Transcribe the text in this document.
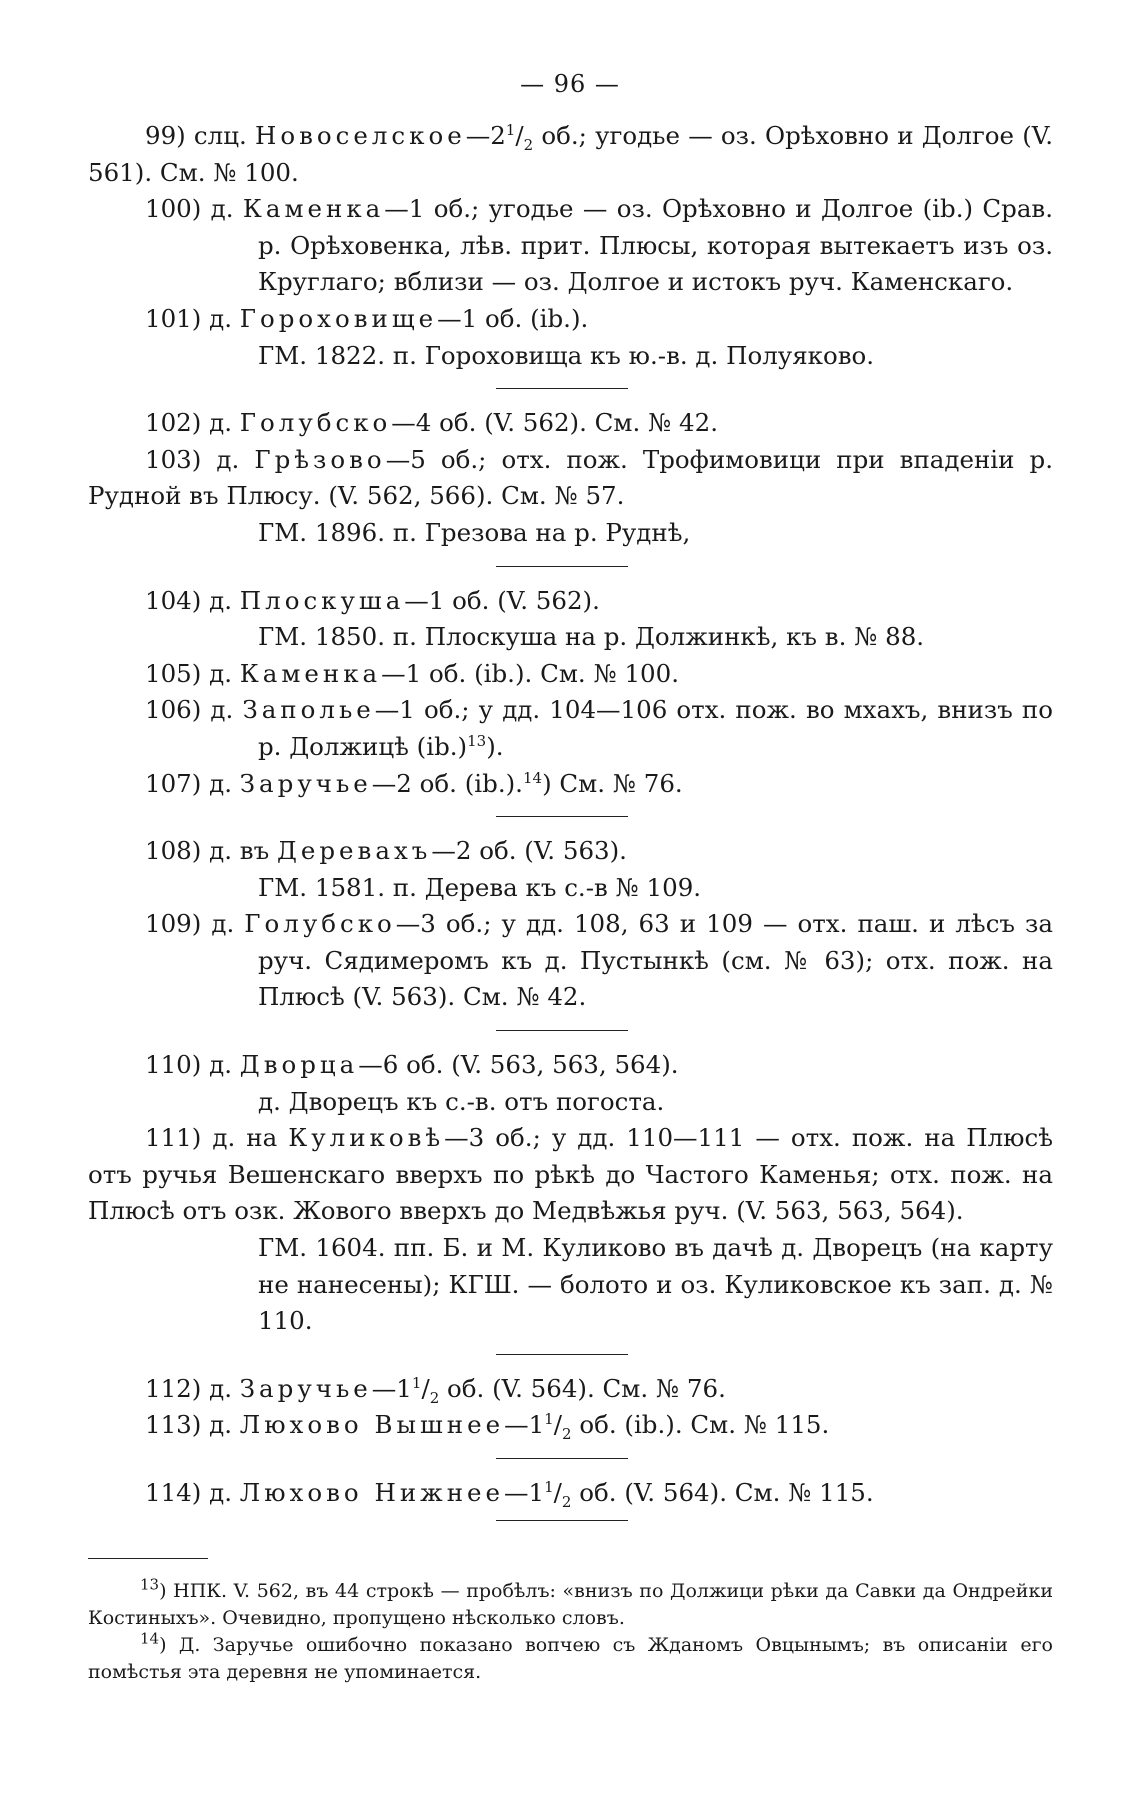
— 96 —

99) слц. $Новоселское—2^1/_2$ об.; угодье — оз. Орѣховно и Долгое (V. 561). См. № 100.

100) д. Каменка—1 об.; угодье — оз. Орѣховно и Долгое (ib.) Срав. р. Орѣховенка, лѣв. прит. Плюсы, которая вытекаетъ изъ оз. Круглаго; вблизи — оз. Долгое и истокъ руч. Каменскаго.

101) д. Гороховище—1 об. (ib.).

ГМ. 1822. п. Гороховища къ ю.-в. д. Полуяково.

102) д. Голубско—4 об. (V. 562). См. № 42.

103) д. Грѣзово—5 об.; отх. пож. Трофимовици при впаденіи р. Рудной въ Плюсу. (V. 562, 566). См. № 57.

ГМ. 1896. п. Грезова на р. Руднѣ,

104) д. Плоскуша—1 об. (V. 562).

ГМ. 1850. п. Плоскуша на р. Должинкѣ, къ в. № 88.

105) д. Каменка—1 об. (ib.). См. № 100.

106) д. Заполье—1 об.; у дд. 104—106 отх. пож. во мхахъ, внизъ по р. Должицѣ $(ib.)^{13}$).

107) д. Заручье—2 об. (ib.).$^{14}$) См. № 76.

108) д. въ Деревахъ—2 об. (V. 563).

ГМ. 1581. п. Дерева къ с.-в № 109.

109) д. Голубско—3 об.; у дд. 108, 63 и 109 — отх. паш. и лѣсъ за руч. Сядимеромъ къ д. Пустынкѣ (см. № 63); отх. пож. на Плюсѣ (V. 563). См. № 42.

110) д. Дворца—6 об. (V. 563, 563, 564).

д. Дворецъ къ с.-в. отъ погоста.

111) д. на Куликовѣ—3 об.; у дд. 110—111 — отх. пож. на Плюсѣ отъ ручья Вешенскаго вверхъ по рѣкѣ до Частого Каменья; отх. пож. на Плюсѣ отъ озк. Жового вверхъ до Медвѣжья руч. (V. 563, 563, 564).

ГМ. 1604. пп. Б. и М. Куликово въ дачѣ д. Дворецъ (на карту не нанесены); КГШ. — болото и оз. Куликовское къ зап. д. № 110.

112) д. $Заручье—1^1/_2$ об. (V. 564). См. № 76.

113) д. Люхово $Вышнее—1^1/_2$ об. (ib.). См. № 115.

114) д. Люхово $Нижнее—1^1/_2$ об. (V. 564). См. № 115.

$^{13}$) НПК. V. 562, въ 44 строкѣ — пробѣлъ: «внизъ по Должици рѣки да Савки да Ондрейки Костиныхъ». Очевидно, пропущено нѣсколько словъ.

$^{14}$) Д. Заручье ошибочно показано вопчею съ Жданомъ Овцынымъ; въ описаніи его помѣстья эта деревня не упоминается.
